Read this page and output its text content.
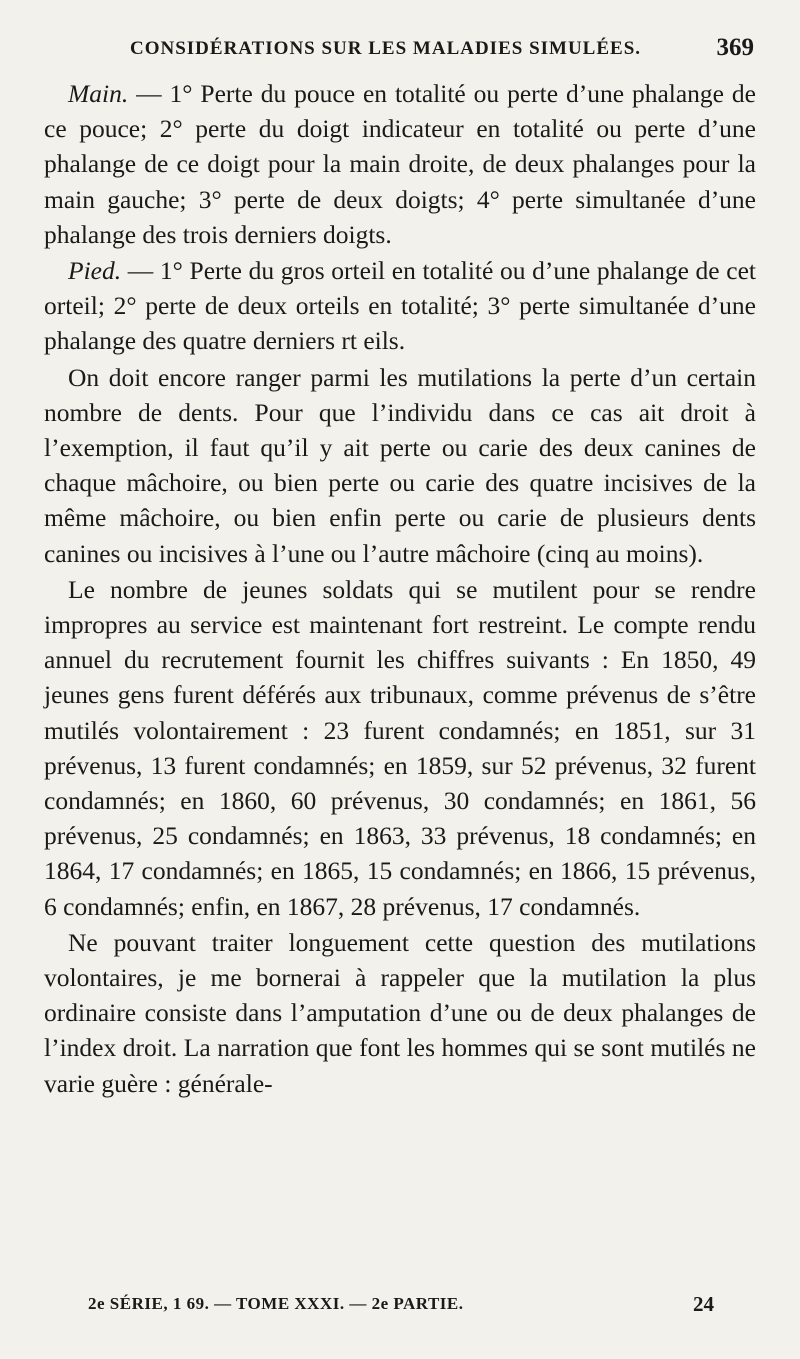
CONSIDÉRATIONS SUR LES MALADIES SIMULÉES.	369

Main. — 1° Perte du pouce en totalité ou perte d’une phalange de ce pouce; 2° perte du doigt indicateur en totalité ou perte d’une phalange de ce doigt pour la main droite, de deux phalanges pour la main gauche; 3° perte de deux doigts; 4° perte simultanée d’une phalange des trois derniers doigts.

Pied. — 1° Perte du gros orteil en totalité ou d’une phalange de cet orteil; 2° perte de deux orteils en totalité; 3° perte simultanée d’une phalange des quatre derniers rt eils.

On doit encore ranger parmi les mutilations la perte d’un certain nombre de dents. Pour que l’individu dans ce cas ait droit à l’exemption, il faut qu’il y ait perte ou carie des deux canines de chaque mâchoire, ou bien perte ou carie des quatre incisives de la même mâchoire, ou bien enfin perte ou carie de plusieurs dents canines ou incisives à l’une ou l’autre mâchoire (cinq au moins).

Le nombre de jeunes soldats qui se mutilent pour se rendre impropres au service est maintenant fort restreint. Le compte rendu annuel du recrutement fournit les chiffres suivants : En 1850, 49 jeunes gens furent déférés aux tribunaux, comme prévenus de s’être mutilés volontairement : 23 furent condamnés; en 1851, sur 31 prévenus, 13 furent condamnés; en 1859, sur 52 prévenus, 32 furent condamnés; en 1860, 60 prévenus, 30 condamnés; en 1861, 56 prévenus, 25 condamnés; en 1863, 33 prévenus, 18 condamnés; en 1864, 17 condamnés; en 1865, 15 condamnés; en 1866, 15 prévenus, 6 condamnés; enfin, en 1867, 28 prévenus, 17 condamnés.

Ne pouvant traiter longuement cette question des mutilations volontaires, je me bornerai à rappeler que la mutilation la plus ordinaire consiste dans l’amputation d’une ou de deux phalanges de l’index droit. La narration que font les hommes qui se sont mutilés ne varie guère : générale-

2e SÉRIE, 1 69. — TOME XXXI. — 2e PARTIE.	24
